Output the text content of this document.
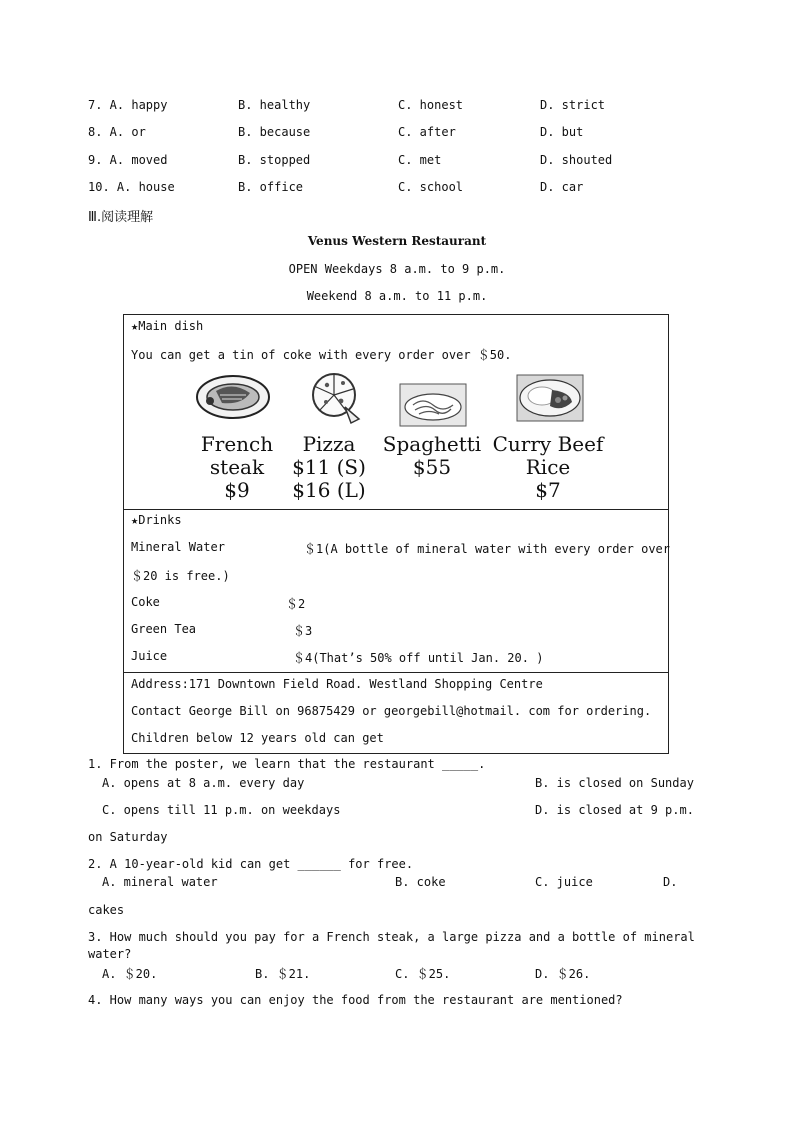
7. A. happy	B. healthy	C. honest	D. strict
8. A. or	B. because	C. after	D. but
9. A. moved	B. stopped	C. met	D. shouted
10. A. house	B. office	C. school	D. car
Ⅲ.阅读理解
Venus Western Restaurant
OPEN Weekdays 8 a.m. to 9 p.m.
Weekend 8 a.m. to 11 p.m.
★Main dish
You can get a tin of coke with every order over ＄50.
French
steak
$9
Pizza
$11 (S)
$16 (L)
Spaghetti
$55
Curry Beef
Rice
$7
★Drinks
Mineral Water	＄1(A bottle of mineral water with every order over
＄20 is free.)
Coke	＄2
Green Tea	＄3
Juice	＄4(That’s 50% off until Jan. 20. )
Address:171 Downtown Field Road. Westland Shopping Centre
Contact George Bill on 96875429 or georgebill@hotmail. com for ordering.
Children below 12 years old can get
1. From the poster, we learn that the restaurant _____.
A. opens at 8 a.m. every day	B. is closed on Sunday
C. opens till 11 p.m. on weekdays	D. is closed at 9 p.m.
on Saturday
2. A 10-year-old kid can get ______ for free.
A. mineral water	B. coke	C. juice	D.
cakes
3. How much should you pay for a French steak, a large pizza and a bottle of mineral
water?
A. ＄20.	B. ＄21.	C. ＄25.	D. ＄26.
4. How many ways you can enjoy the food from the restaurant are mentioned?
